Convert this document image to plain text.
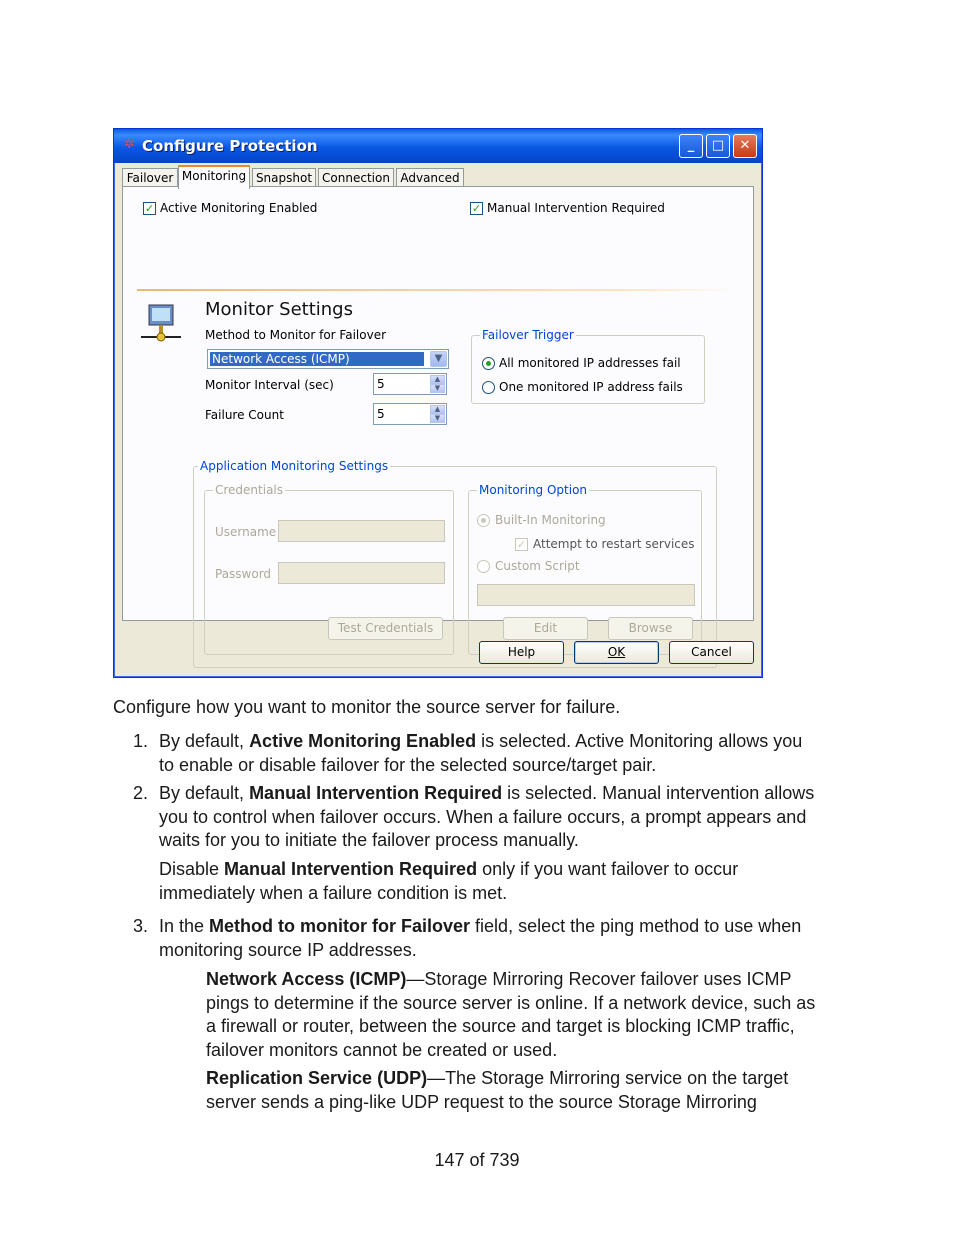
✲ Configure Protection	_	□	✕
Failover Monitoring Snapshot Connection Advanced
✓ Active Monitoring Enabled	✓ Manual Intervention Required
Monitor Settings
Method to Monitor for Failover
Network Access (ICMP)	▼
Monitor Interval (sec)	5	▲
▼
Failure Count	5	▲
▼
Failover Trigger
All monitored IP addresses fail
One monitored IP address fails
Application Monitoring Settings
Credentials
Username
Password
Test Credentials
Monitoring Option
Built-In Monitoring
✓ Attempt to restart services
Custom Script
Edit	Browse
Help	OK	Cancel
Configure how you want to monitor the source server for failure.
1. By default, Active Monitoring Enabled is selected. Active Monitoring allows you
to enable or disable failover for the selected source/target pair.
2. By default, Manual Intervention Required is selected. Manual intervention allows
you to control when failover occurs. When a failure occurs, a prompt appears and
waits for you to initiate the failover process manually.
Disable Manual Intervention Required only if you want failover to occur
immediately when a failure condition is met.
3. In the Method to monitor for Failover field, select the ping method to use when
monitoring source IP addresses.
Network Access (ICMP)—Storage Mirroring Recover failover uses ICMP
pings to determine if the source server is online. If a network device, such as
a firewall or router, between the source and target is blocking ICMP traffic,
failover monitors cannot be created or used.
Replication Service (UDP)—The Storage Mirroring service on the target
server sends a ping-like UDP request to the source Storage Mirroring
147 of 739
